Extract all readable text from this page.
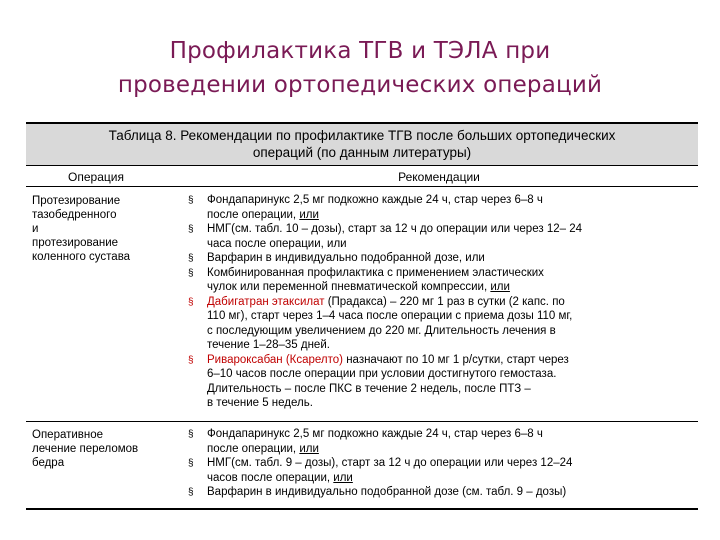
Профилактика ТГВ и ТЭЛА при
проведении ортопедических операций
Таблица 8. Рекомендации по профилактике ТГВ после больших ортопедических
операций (по данным литературы)
Операция	Рекомендации
Протезирование
тазобедренного
и
протезирование
коленного сустава
§ Фондапаринукс 2,5 мг подкожно каждые 24 ч, стар через 6–8 ч
после операции, или
§ НМГ(см. табл. 10 – дозы), старт за 12 ч до операции или через 12– 24
часа после операции, или
§ Варфарин в индивидуально подобранной дозе, или
§ Комбинированная профилактика с применением эластических
чулок или переменной пневматической компрессии, или
§ Дабигатран этаксилат (Прадакса) – 220 мг 1 раз в сутки (2 капс. по
110 мг), старт через 1–4 часа после операции с приема дозы 110 мг,
с последующим увеличением до 220 мг. Длительность лечения в
течение 1–28–35 дней.
§ Ривароксабан (Ксарелто) назначают по 10 мг 1 р/сутки, старт через
6–10 часов после операции при условии достигнутого гемостаза.
Длительность – после ПКС в течение 2 недель, после ПТЗ –
в течение 5 недель.
Оперативное
лечение переломов
бедра
§ Фондапаринукс 2,5 мг подкожно каждые 24 ч, стар через 6–8 ч
после операции, или
§ НМГ(см. табл. 9 – дозы), старт за 12 ч до операции или через 12–24
часов после операции, или
§ Варфарин в индивидуально подобранной дозе (см. табл. 9 – дозы)
